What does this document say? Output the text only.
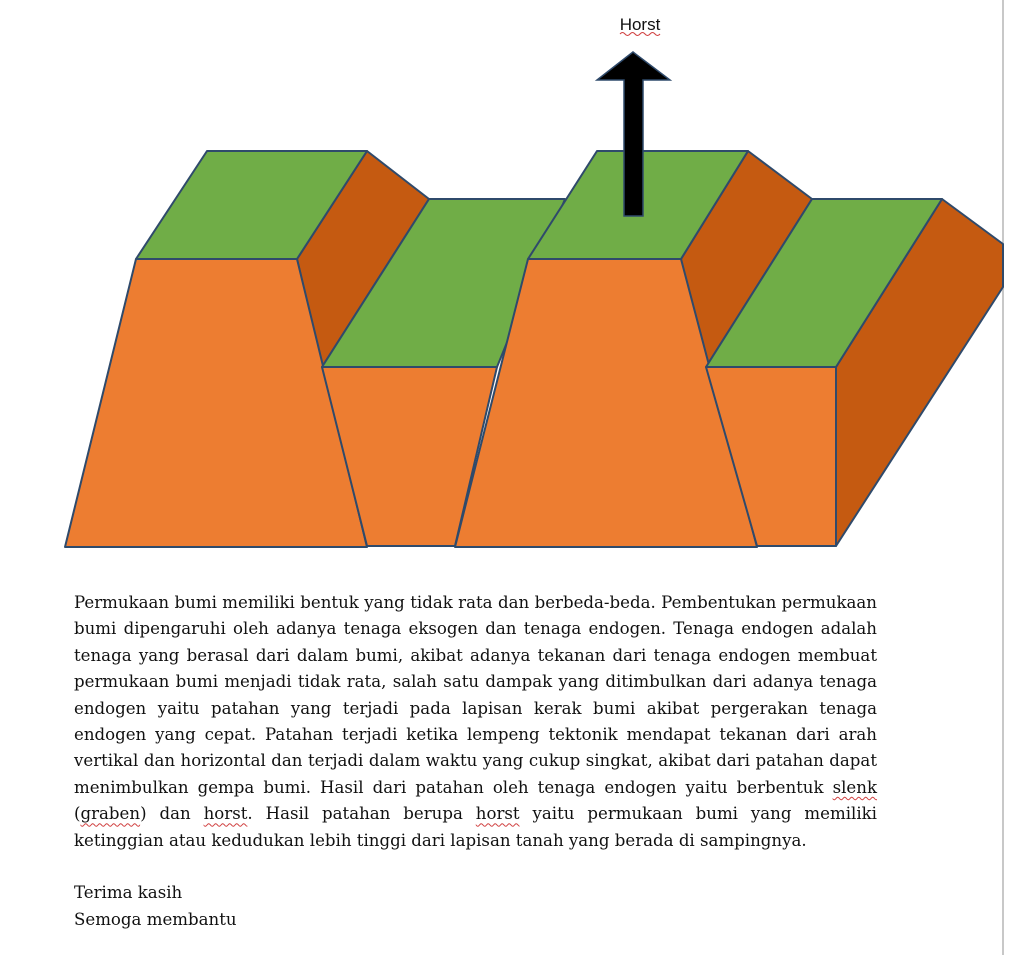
Horst

Permukaan bumi memiliki bentuk yang tidak rata dan berbeda-beda. Pembentukan permukaan bumi dipengaruhi oleh adanya tenaga eksogen dan tenaga endogen. Tenaga endogen adalah tenaga yang berasal dari dalam bumi, akibat adanya tekanan dari tenaga endogen membuat permukaan bumi menjadi tidak rata, salah satu dampak yang ditimbulkan dari adanya tenaga endogen yaitu patahan yang terjadi pada lapisan kerak bumi akibat pergerakan tenaga endogen yang cepat. Patahan terjadi ketika lempeng tektonik mendapat tekanan dari arah vertikal dan horizontal dan terjadi dalam waktu yang cukup singkat, akibat dari patahan dapat menimbulkan gempa bumi. Hasil dari patahan oleh tenaga endogen yaitu berbentuk slenk (graben) dan horst. Hasil patahan berupa horst yaitu permukaan bumi yang memiliki ketinggian atau kedudukan lebih tinggi dari lapisan tanah yang berada di sampingnya.

Terima kasih
Semoga membantu
